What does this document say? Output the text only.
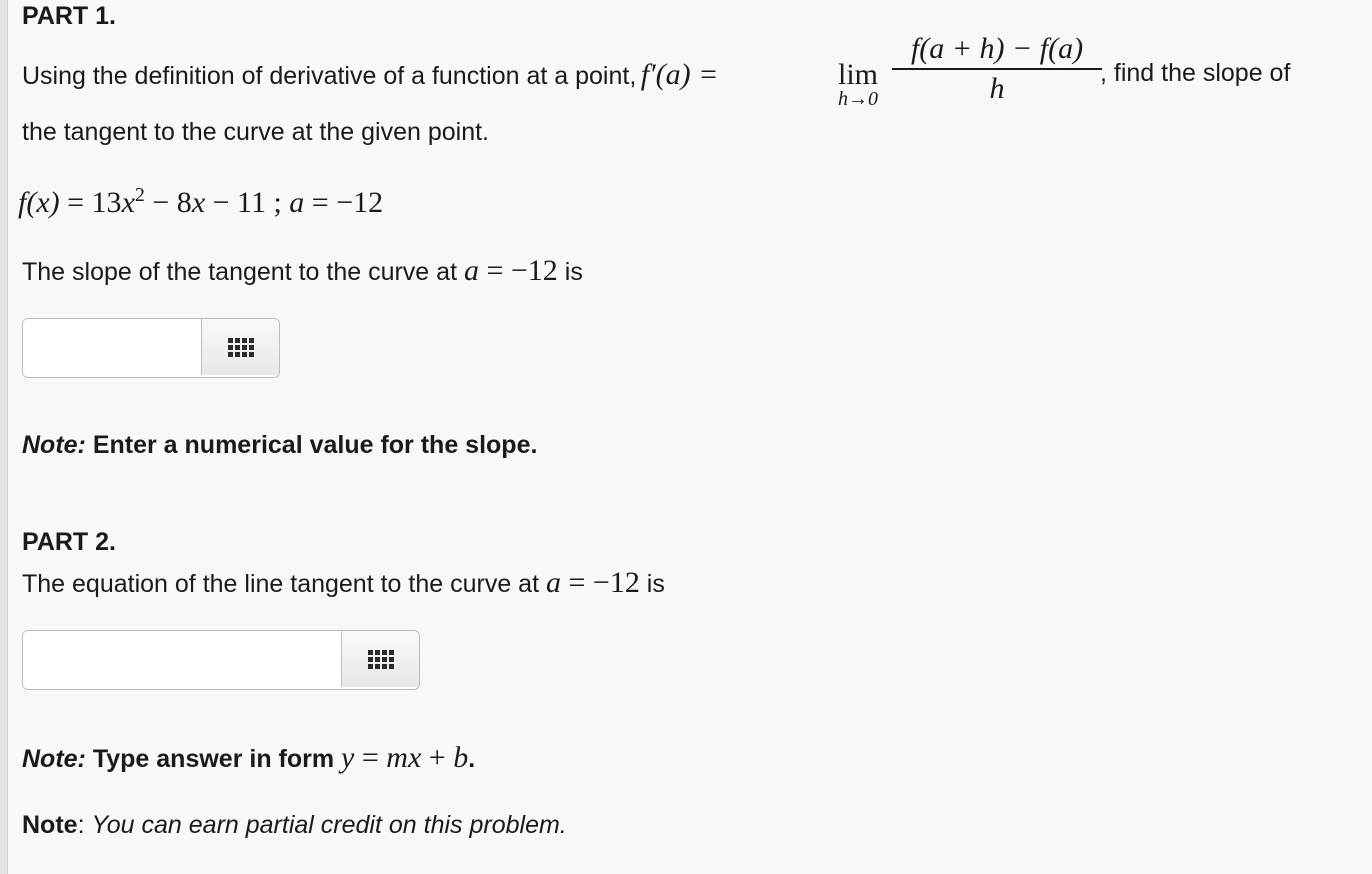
PART 1.
Using the definition of derivative of a function at a point, f′(a) =	lim
h→0
f(a + h) − f(a)
h	, find the slope of
the tangent to the curve at the given point.
$f(x) = 13x^2 - 8x - 11$ ; a = −12
The slope of the tangent to the curve at a = −12 is
Note: Enter a numerical value for the slope.
PART 2.
The equation of the line tangent to the curve at a = −12 is
Note: Type answer in form y = mx + b.
Note: You can earn partial credit on this problem.
